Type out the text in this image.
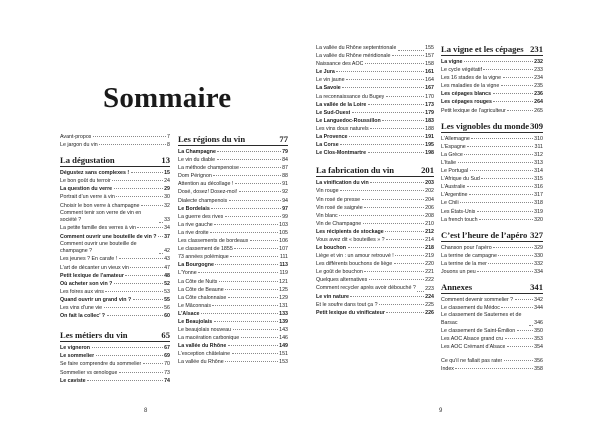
Sommaire
Avant-propos	7
Le jargon du vin	8
La dégustation	13
Dégustez sans complexes !	15
Le bon goût du terroir	24
La question du verre	29
Portrait d’un verre à vin	30
Choisir le bon verre à champagne	32
Comment tenir son verre de vin en société ?	33
La petite famille des verres à vin	34
Comment ouvrir une bouteille de vin ? 37
Comment ouvrir une bouteille de champagne ?	42
Les jeunes ? En carafe !	43
L’art de décanter un vieux vin	47
Petit lexique de l’amateur	48
Où acheter son vin ?	52
Les foires aux vins	53
Quand ouvrir un grand vin ?	55
Les vins d’une vie	56
On fait la collec’ ?	60
Les métiers du vin	65
Le vigneron	67
Le sommelier	69
Se faire comprendre du sommelier	70
Sommelier vs œnologue	73
Le caviste	74
Les régions du vin	77
La Champagne	79
Le vin du diable	84
La méthode champenoise	87
Dom Pérignon	88
Attention au décollage !	91
Dosé, dosez! Dosez-moi!	92
Dialecte champenois	94
Le Bordelais	97
La guerre des rives	99
La rive gauche	103
La rive droite	105
Les classements de bordeaux	106
Le classement de 1855	107
73 années polémique	111
La Bourgogne	113
L’Yonne	119
La Côte de Nuits	121
La Côte de Beaune	125
La Côte chalonnaise	129
Le Mâconnais	131
L’Alsace	133
Le Beaujolais	139
Le beaujolais nouveau	143
La macération carbonique	146
La vallée du Rhône	149
L’exception châtelaine	151
La vallée du Rhône	153
La vallée du Rhône septentrionale	155
La vallée du Rhône méridionale	157
Naissance des AOC	158
Le Jura	161
Le vin jaune	164
La Savoie	167
La reconnaissance du Bugey	170
La vallée de la Loire	173
Le Sud-Ouest	179
Le Languedoc-Roussillon	183
Les vins doux naturels	188
La Provence	191
La Corse	195
Le Clos-Montmartre	198
La fabrication du vin	201
La vinification du vin	203
Vin rouge	202
Vin rosé de presse	204
Vin rosé de saignée	206
Vin blanc	208
Vin de Champagne	210
Les récipients de stockage	212
Vous avez dit « bouteilles » ?	214
Le bouchon	218
Liège et vin : un amour retrouvé !	219
Les différents bouchons de liège	220
Le goût de bouchon	221
Quelques alternatives	222
Comment recycler après avoir débouché ? 223
Le vin nature	224
Et le soufre dans tout ça ?	225
Petit lexique du vinificateur	226
La vigne et les cépages 231
La vigne	232
Le cycle végétatif	233
Les 16 stades de la vigne	234
Les maladies de la vigne	235
Les cépages blancs	236
Les cépages rouges	264
Petit lexique de l’agriculteur	265
Les vignobles du monde 309
L’Allemagne	310
L’Espagne	311
La Grèce	312
L’Italie	313
Le Portugal	314
L’Afrique du Sud	315
L’Australie	316
L’Argentine	317
Le Chili	318
Les États-Unis	319
La french touch	320
C’est l’heure de l’apéro 327
Chanson pour l’apéro	329
La terrine de campagne	330
La terrine de la mer	332
Jouons un peu	334
Annexes	341
Comment devenir sommelier ?	342
Le classement du Médoc	344
Le classement de Sauternes et de Barsac	346
Le classement de Saint-Émilion	350
Les AOC Alsace grand cru	353
Les AOC Crémant d’Alsace	354
Ce qu’il ne fallait pas rater	356
Index	358
8	9
